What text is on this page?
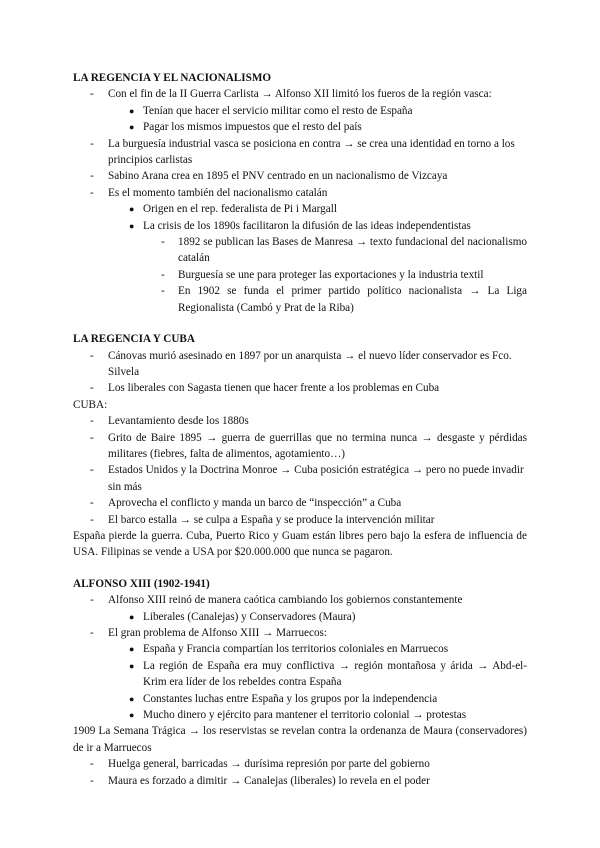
LA REGENCIA Y EL NACIONALISMO
- Con el fin de la II Guerra Carlista → Alfonso XII limitó los fueros de la región vasca:
● Tenían que hacer el servicio militar como el resto de España
● Pagar los mismos impuestos que el resto del país
- La burguesía industrial vasca se posiciona en contra → se crea una identidad en torno a los principios carlistas
- Sabino Arana crea en 1895 el PNV centrado en un nacionalismo de Vizcaya
- Es el momento también del nacionalismo catalán
● Origen en el rep. federalista de Pi i Margall
● La crisis de los 1890s facilitaron la difusión de las ideas independentistas
- 1892 se publican las Bases de Manresa → texto fundacional del nacionalismo catalán
- Burguesía se une para proteger las exportaciones y la industria textil
- En 1902 se funda el primer partido político nacionalista → La Liga Regionalista (Cambó y Prat de la Riba)
LA REGENCIA Y CUBA
- Cánovas murió asesinado en 1897 por un anarquista → el nuevo líder conservador es Fco. Silvela
- Los liberales con Sagasta tienen que hacer frente a los problemas en Cuba
CUBA:
- Levantamiento desde los 1880s
- Grito de Baire 1895 → guerra de guerrillas que no termina nunca → desgaste y pérdidas militares (fiebres, falta de alimentos, agotamiento…)
- Estados Unidos y la Doctrina Monroe → Cuba posición estratégica → pero no puede invadir sin más
- Aprovecha el conflicto y manda un barco de “inspección” a Cuba
- El barco estalla → se culpa a España y se produce la intervención militar
España pierde la guerra. Cuba, Puerto Rico y Guam están libres pero bajo la esfera de influencia de USA. Filipinas se vende a USA por $20.000.000 que nunca se pagaron.
ALFONSO XIII (1902-1941)
- Alfonso XIII reinó de manera caótica cambiando los gobiernos constantemente
● Liberales (Canalejas) y Conservadores (Maura)
- El gran problema de Alfonso XIII → Marruecos:
● España y Francia compartían los territorios coloniales en Marruecos
● La región de España era muy conflictiva → región montañosa y árida → Abd-el-Krim era líder de los rebeldes contra España
● Constantes luchas entre España y los grupos por la independencia
● Mucho dinero y ejército para mantener el territorio colonial → protestas
1909 La Semana Trágica → los reservistas se revelan contra la ordenanza de Maura (conservadores) de ir a Marruecos
- Huelga general, barricadas → durísima represión por parte del gobierno
- Maura es forzado a dimitir → Canalejas (liberales) lo revela en el poder
